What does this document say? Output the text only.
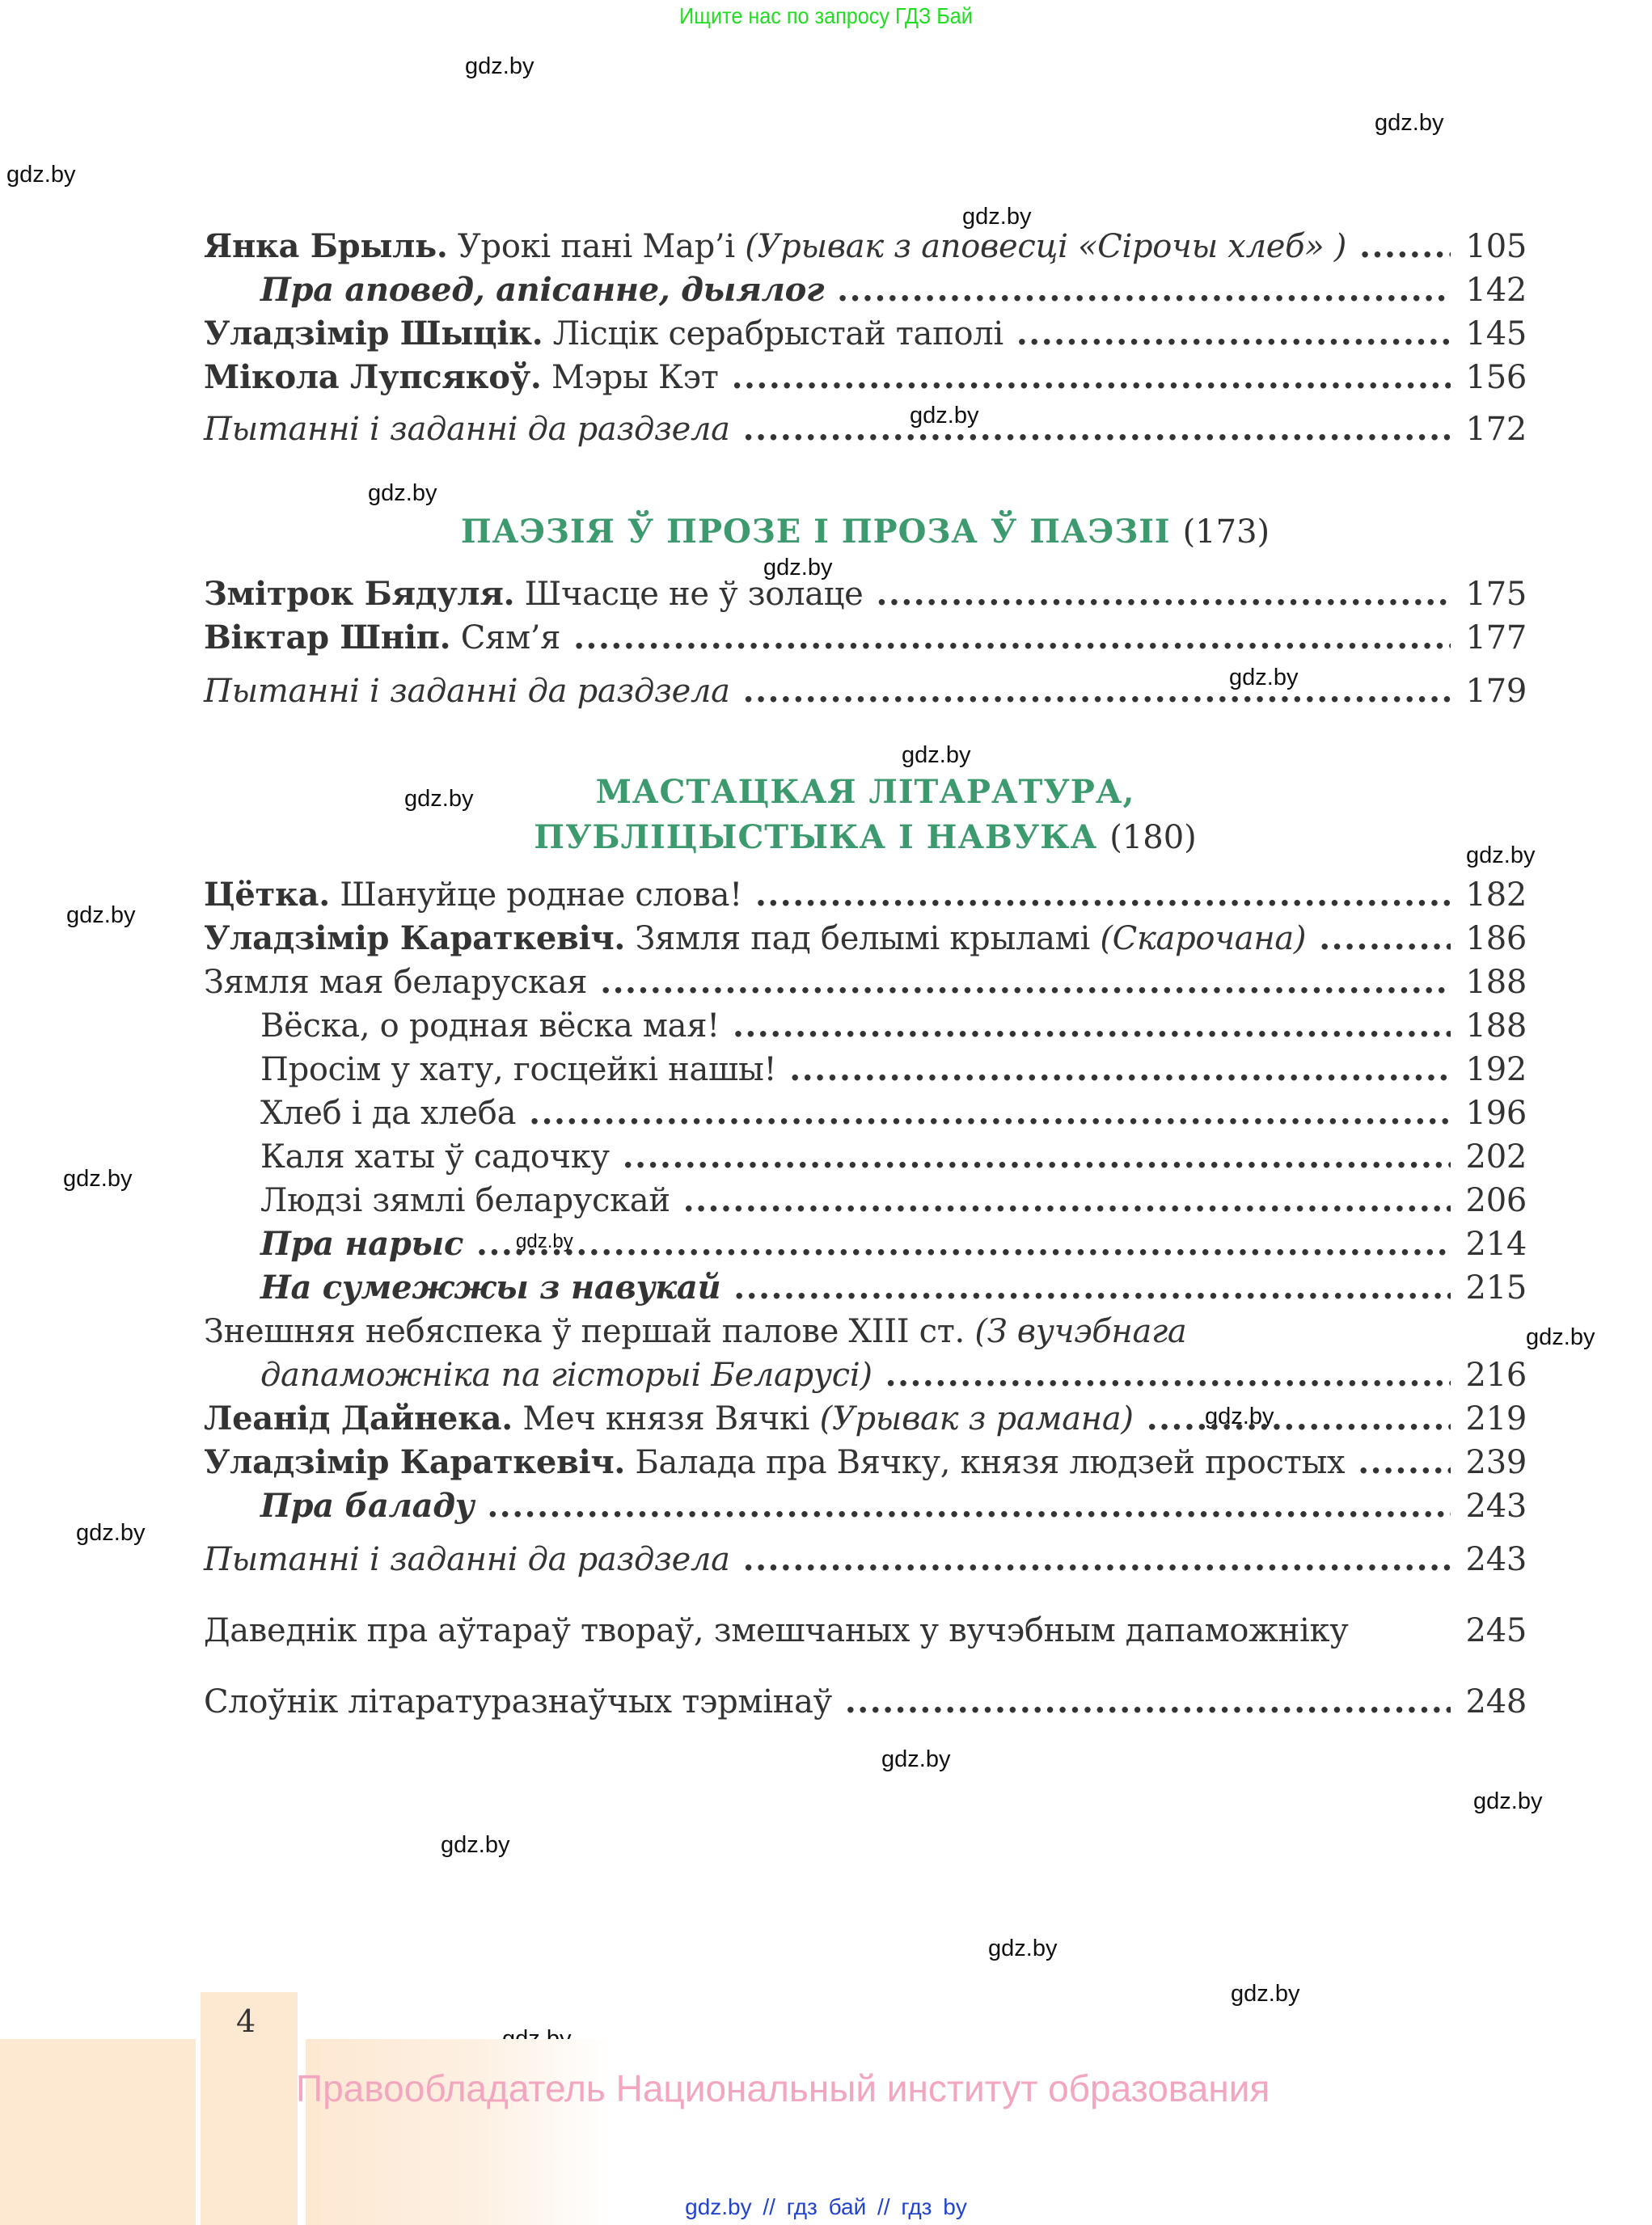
Ищите нас по запросу ГДЗ Бай
gdz.by
gdz.by
gdz.by
gdz.by
gdz.by
gdz.by
gdz.by
gdz.by
gdz.by
gdz.by
gdz.by
gdz.by
gdz.by
gdz.by
gdz.by
gdz.by
gdz.by
gdz.by
gdz.by
gdz.by
gdz.by
gdz.by
Янка Брыль. Урокі пані Мар’і (Урывак з аповесці «Сірочы хлеб» ) .....	105
Пра аповед, апісанне, дыялог .....	142
Уладзімір Шыцік. Лісцік серабрыстай таполі .....	145
Мікола Лупсякоў. Мэры Кэт .....	156
Пытанні і заданні да раздзела .....	172
Змітрок Бядуля. Шчасце не ў золаце .....	175
Віктар Шніп. Сям’я .....	177
Пытанні і заданні да раздзела .....	179
Цётка. Шануйце роднае слова! .....	182
Уладзімір Караткевіч. Зямля пад белымі крыламі (Скарочана) .....	186
Зямля мая беларуская .....	188
Вёска, о родная вёска мая! .....	188
Просім у хату, госцейкі нашы! .....	192
Хлеб і да хлеба .....	196
Каля хаты ў садочку .....	202
Людзі зямлі беларускай .....	206
Пра нарыс .....	214
На сумежжы з навукай .....	215
Знешняя небяспека ў першай палове XIII ст. (З вучэбнага
дапаможніка па гісторыі Беларусі) .....	216
Леанід Дайнека. Меч князя Вячкі (Урывак з рамана) .....	219
Уладзімір Караткевіч. Балада пра Вячку, князя людзей простых .....	239
Пра баладу .....	243
Пытанні і заданні да раздзела .....	243
Даведнік пра аўтараў твораў, змешчаных у вучэбным дапаможніку	245
Слоўнік літаратуразнаўчых тэрмінаў .....	248
ПАЭЗІЯ Ў ПРОЗЕ І ПРОЗА Ў ПАЭЗІІ (173)
МАСТАЦКАЯ ЛІТАРАТУРА,
ПУБЛІЦЫСТЫКА І НАВУКА (180)
4
Правообладатель Национальный институт образования
gdz.by // гдз бай // гдз by
